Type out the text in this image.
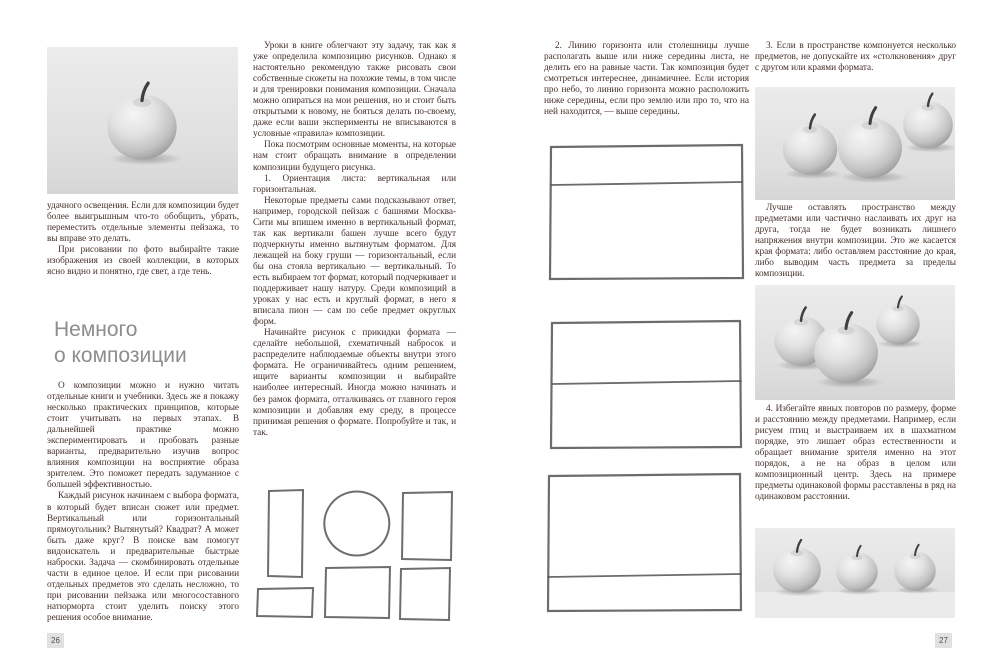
удачного освещения. Если для композиции будет более выигрышным что-то обобщить, убрать, переместить отдельные элементы пейзажа, то вы вправе это делать.

При рисовании по фото выбирайте такие изображения из своей коллекции, в которых ясно видно и понятно, где свет, а где тень.

Немного
о композиции

О композиции можно и нужно читать отдельные книги и учебники. Здесь же я покажу несколько практических принципов, которые стоит учитывать на первых этапах. В дальнейшей практике можно экспериментировать и пробовать разные варианты, предварительно изучив вопрос влияния композиции на восприятие образа зрителем. Это поможет передать задуманное с большей эффективностью.

Каждый рисунок начинаем с выбора формата, в который будет вписан сюжет или предмет. Вертикальный или горизонтальный прямоугольник? Вытянутый? Квадрат? А может быть даже круг? В поиске вам помогут видоискатель и предварительные быстрые наброски. Задача — скомбинировать отдельные части в единое целое. И если при рисовании отдельных предметов это сделать несложно, то при рисовании пейзажа или многосоставного натюрморта стоит уделить поиску этого решения особое внимание.

Уроки в книге облегчают эту задачу, так как я уже определила композицию рисунков. Однако я настоятельно рекомендую также рисовать свои собственные сюжеты на похожие темы, в том числе и для тренировки понимания композиции. Сначала можно опираться на мои решения, но и стоит быть открытыми к новому, не бояться делать по-своему, даже если ваши эксперименты не вписываются в условные «правила» композиции.

Пока посмотрим основные моменты, на которые нам стоит обращать внимание в определении композиции будущего рисунка.

1. Ориентация листа: вертикальная или горизонтальная.

Некоторые предметы сами подсказывают ответ, например, городской пейзаж с башнями Москва-Сити мы впишем именно в вертикальный формат, так как вертикали башен лучше всего будут подчеркнуты именно вытянутым форматом. Для лежащей на боку груши — горизонтальный, если бы она стояла вертикально — вертикальный. То есть выбираем тот формат, который подчеркивает и поддерживает нашу натуру. Среди композиций в уроках у нас есть и круглый формат, в него я вписала пион — сам по себе предмет округлых форм.

Начинайте рисунок с прикидки формата — сделайте небольшой, схематичный набросок и распределите наблюдаемые объекты внутри этого формата. Не ограничивайтесь одним решением, ищите варианты композиции и выбирайте наиболее интересный. Иногда можно начинать и без рамок формата, отталкиваясь от главного героя композиции и добавляя ему среду, в процессе принимая решения о формате. Попробуйте и так, и так.

26

2. Линию горизонта или столешницы лучше располагать выше или ниже середины листа, не делить его на равные части. Так композиция будет смотреться интереснее, динамичнее. Если история про небо, то линию горизонта можно расположить ниже середины, если про землю или про то, что на ней находится, — выше середины.

3. Если в пространстве компонуется несколько предметов, не допускайте их «столкновения» друг с другом или краями формата.

Лучше оставлять пространство между предметами или частично наслаивать их друг на друга, тогда не будет возникать лишнего напряжения внутри композиции. Это же касается края формата: либо оставляем расстояние до края, либо выводим часть предмета за пределы композиции.

4. Избегайте явных повторов по размеру, форме и расстоянию между предметами. Например, если рисуем птиц и выстраиваем их в шахматном порядке, это лишает образ естественности и обращает внимание зрителя именно на этот порядок, а не на образ в целом или композиционный центр. Здесь на примере предметы одинаковой формы расставлены в ряд на одинаковом расстоянии.

27
